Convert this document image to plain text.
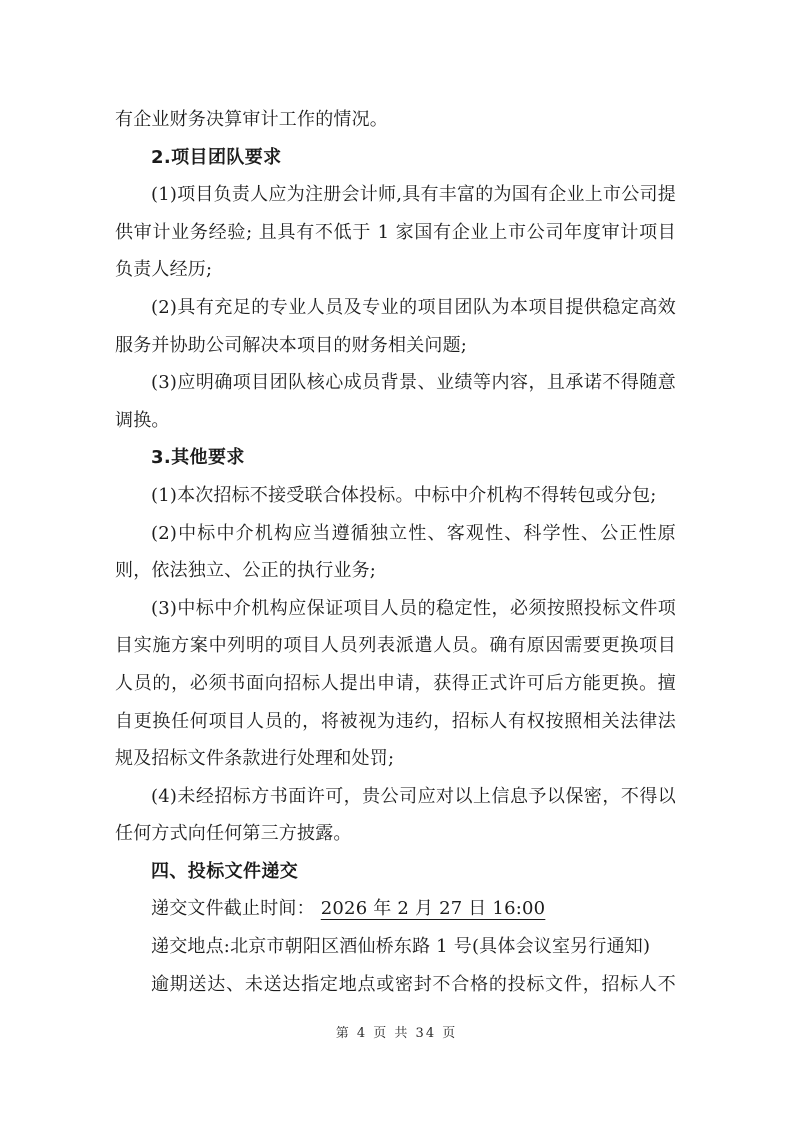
有企业财务决算审计工作的情况。

2.项目团队要求

(1)项目负责人应为注册会计师,具有丰富的为国有企业上市公司提供审计业务经验; 且具有不低于 1 家国有企业上市公司年度审计项目负责人经历;

(2)具有充足的专业人员及专业的项目团队为本项目提供稳定高效服务并协助公司解决本项目的财务相关问题;

(3)应明确项目团队核心成员背景、业绩等内容，且承诺不得随意调换。

3.其他要求

(1)本次招标不接受联合体投标。中标中介机构不得转包或分包;

(2)中标中介机构应当遵循独立性、客观性、科学性、公正性原则，依法独立、公正的执行业务;

(3)中标中介机构应保证项目人员的稳定性，必须按照投标文件项目实施方案中列明的项目人员列表派遣人员。确有原因需要更换项目人员的，必须书面向招标人提出申请，获得正式许可后方能更换。擅自更换任何项目人员的，将被视为违约，招标人有权按照相关法律法规及招标文件条款进行处理和处罚;

(4)未经招标方书面许可，贵公司应对以上信息予以保密，不得以任何方式向任何第三方披露。

四、投标文件递交

递交文件截止时间： 2026 年 2 月 27 日 16:00

递交地点:北京市朝阳区酒仙桥东路 1 号(具体会议室另行通知)

逾期送达、未送达指定地点或密封不合格的投标文件，招标人不

第 4 页 共 34 页
